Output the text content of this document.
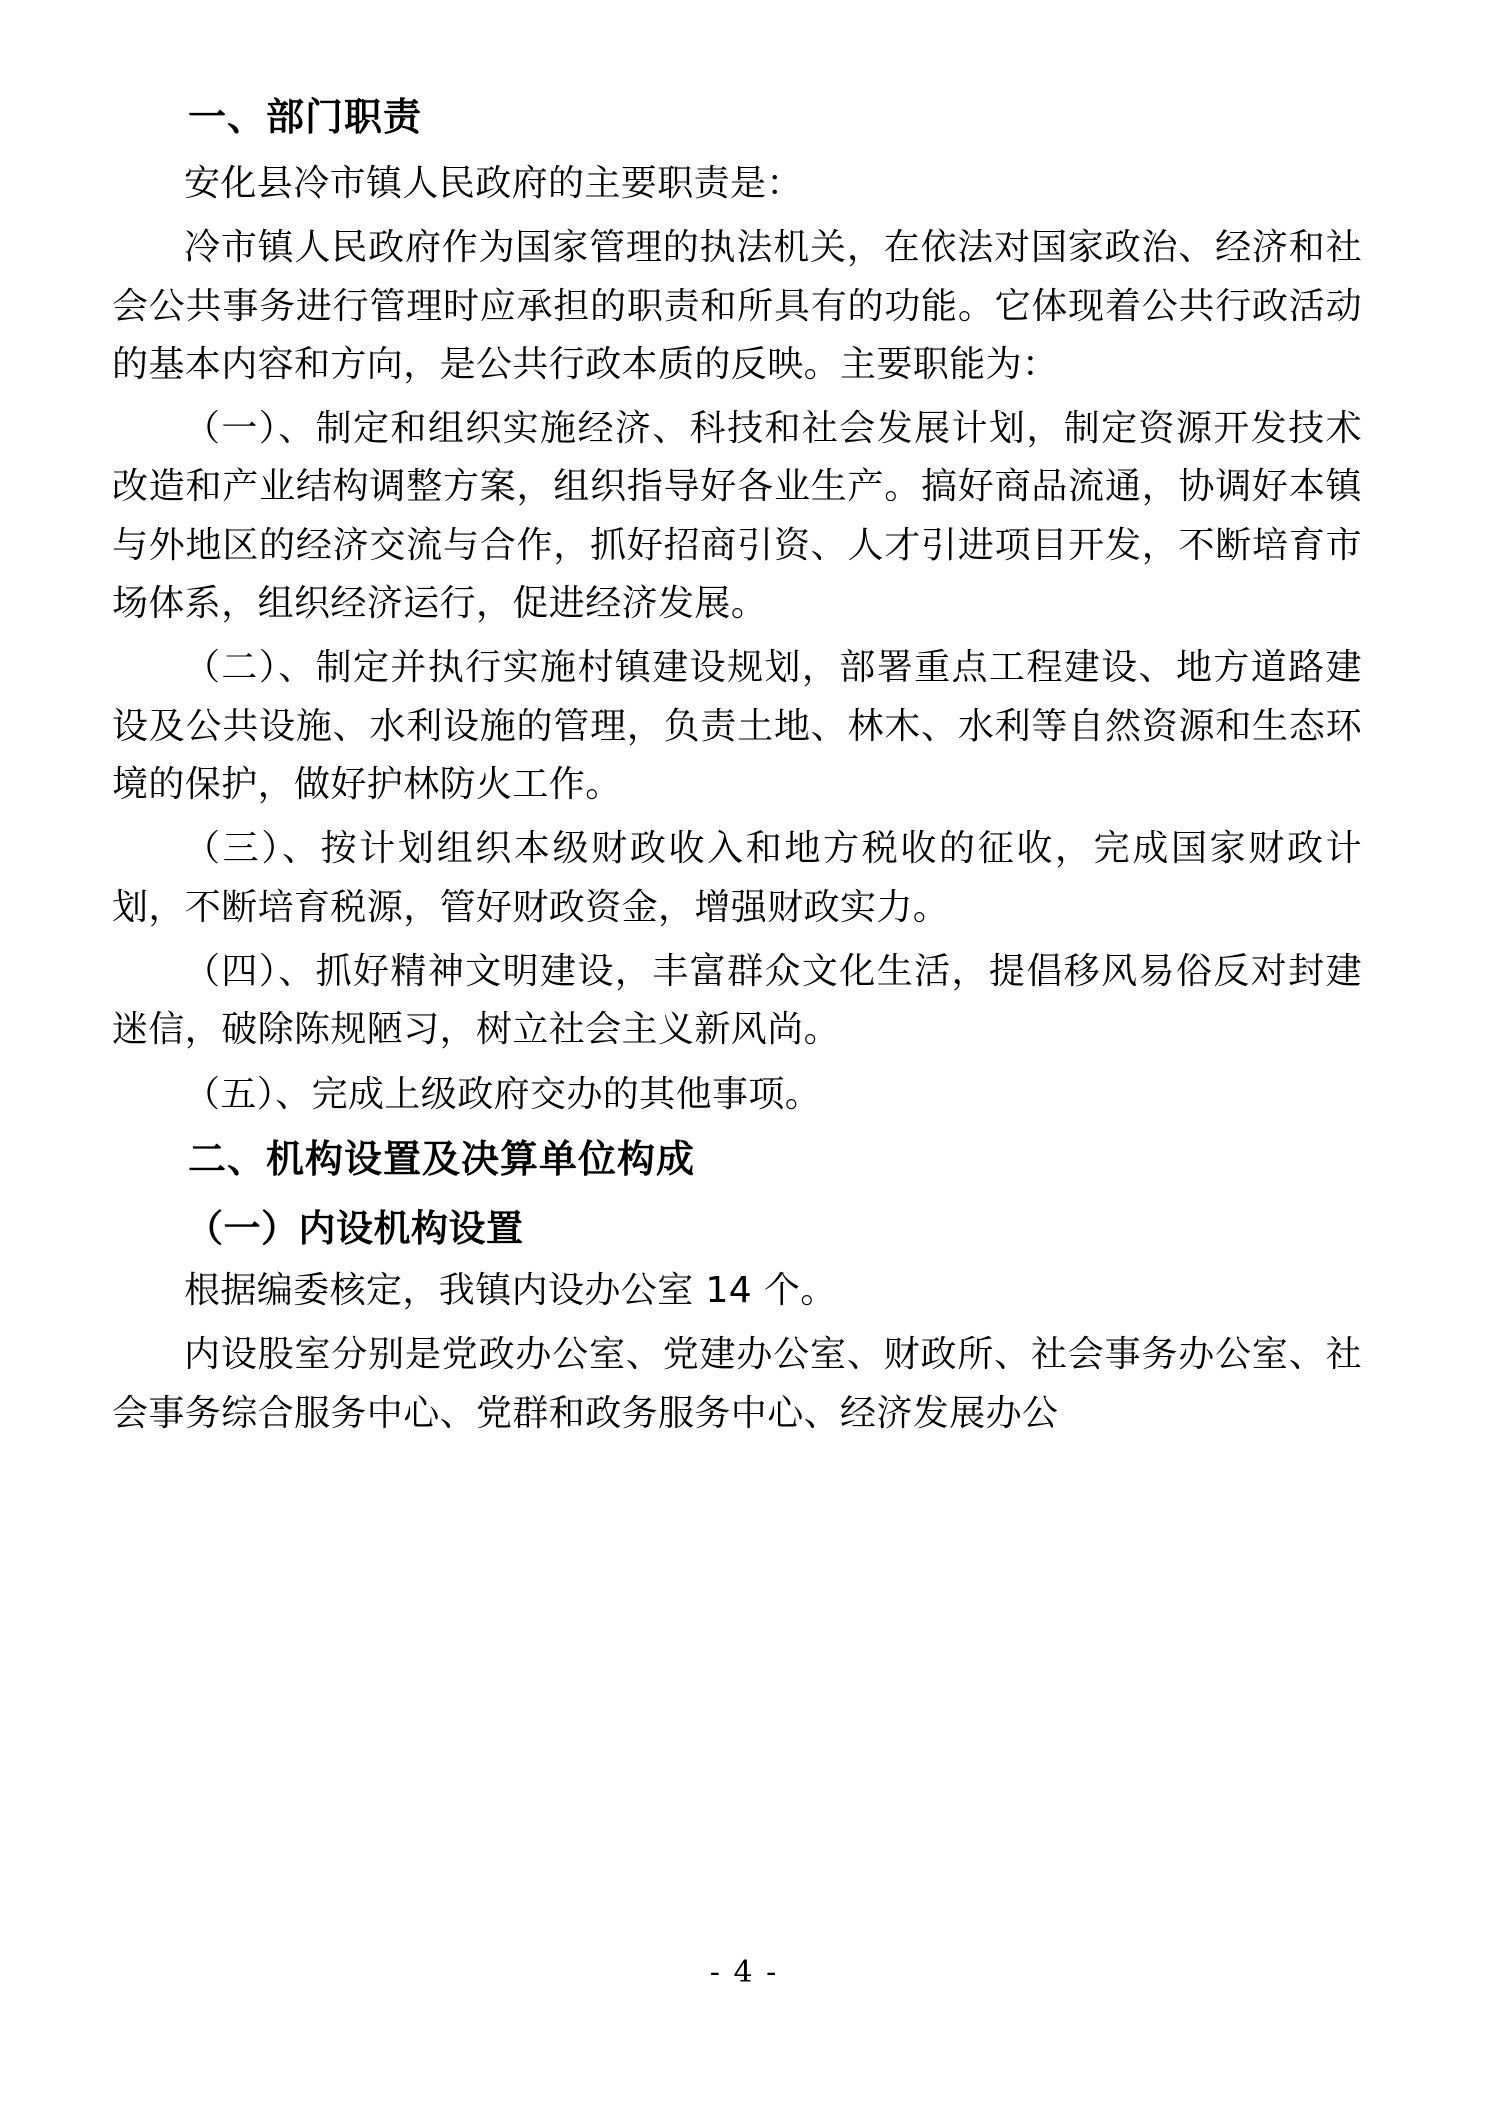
一、部门职责

安化县冷市镇人民政府的主要职责是：

冷市镇人民政府作为国家管理的执法机关，在依法对国家政治、经济和社会公共事务进行管理时应承担的职责和所具有的功能。它体现着公共行政活动的基本内容和方向，是公共行政本质的反映。主要职能为：

（一）、制定和组织实施经济、科技和社会发展计划，制定资源开发技术改造和产业结构调整方案，组织指导好各业生产。搞好商品流通，协调好本镇与外地区的经济交流与合作，抓好招商引资、人才引进项目开发，不断培育市场体系，组织经济运行，促进经济发展。

（二）、制定并执行实施村镇建设规划，部署重点工程建设、地方道路建设及公共设施、水利设施的管理，负责土地、林木、水利等自然资源和生态环境的保护，做好护林防火工作。

（三）、按计划组织本级财政收入和地方税收的征收，完成国家财政计划，不断培育税源，管好财政资金，增强财政实力。

（四）、抓好精神文明建设，丰富群众文化生活，提倡移风易俗反对封建迷信，破除陈规陋习，树立社会主义新风尚。

（五）、完成上级政府交办的其他事项。

二、机构设置及决算单位构成
（一）内设机构设置

根据编委核定，我镇内设办公室 14 个。

内设股室分别是党政办公室、党建办公室、财政所、社会事务办公室、社会事务综合服务中心、党群和政务服务中心、经济发展办公

- 4 -
